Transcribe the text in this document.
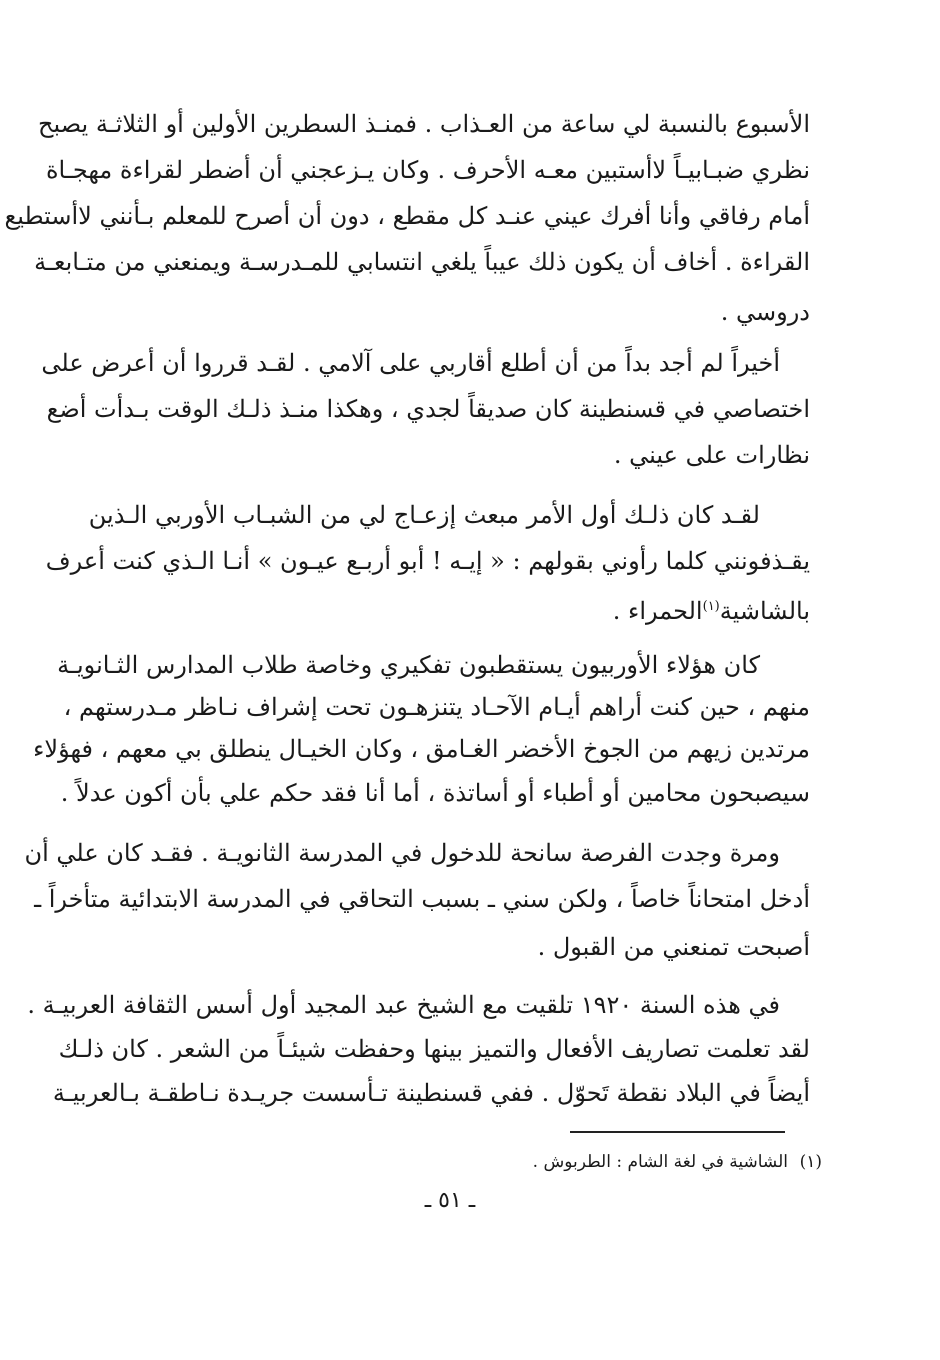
الأسبوع بالنسبة لي ساعة من العـذاب . فمنـذ السطرين الأولين أو الثلاثـة يصبح
نظري ضبـابيـاً لاأستبين معـه الأحرف . وكان يـزعجني أن أضطر لقراءة مهجـاة
أمام رفاقي وأنا أفرك عيني عنـد كل مقطع ، دون أن أصرح للمعلم بـأنني لاأستطيع
القراءة . أخاف أن يكون ذلك عيباً يلغي انتسابي للمـدرسـة ويمنعني من متـابعـة
دروسي .
أخيراً لم أجد بداً من أن أطلع أقاربي على آلامي . لقـد قرروا أن أعرض على
اختصاصي في قسنطينة كان صديقاً لجدي ، وهكذا منـذ ذلـك الوقت بـدأت أضع
نظارات على عيني .
لقـد كان ذلـك أول الأمر مبعث إزعـاج لي من الشبـاب الأوربي الـذين
يقـذفونني كلما رأوني بقولهم : « إيـه ! أبو أربـع عيـون » أنـا الـذي كنت أعرف
بالشاشية$^{(١)}$الحمراء .
كان هؤلاء الأوربيون يستقطبون تفكيري وخاصة طلاب المدارس الثـانويـة
منهم ، حين كنت أراهم أيـام الآحـاد يتنزهـون تحت إشراف نـاظر مـدرستهم ،
مرتدين زيهم من الجوخ الأخضر الغـامق ، وكان الخيـال ينطلق بي معهم ، فهؤلاء
سيصبحون محامين أو أطباء أو أساتذة ، أما أنا فقد حكم علي بأن أكون عدلاً .
ومرة وجدت الفرصة سانحة للدخول في المدرسة الثانويـة . فقـد كان علي أن
أدخل امتحاناً خاصاً ، ولكن سني ـ بسبب التحاقي في المدرسة الابتدائية متأخراً ـ
أصبحت تمنعني من القبول .
في هذه السنة ١٩٢٠ تلقيت مع الشيخ عبد المجيد أول أسس الثقافة العربيـة .
لقد تعلمت تصاريف الأفعال والتميز بينها وحفظت شيئـاً من الشعر . كان ذلـك
أيضاً في البلاد نقطة تَحوّل . ففي قسنطينة تـأسست جريـدة نـاطقـة بـالعربيـة
(١)
الشاشية في لغة الشام : الطربوش .
ـ ٥١ ـ
